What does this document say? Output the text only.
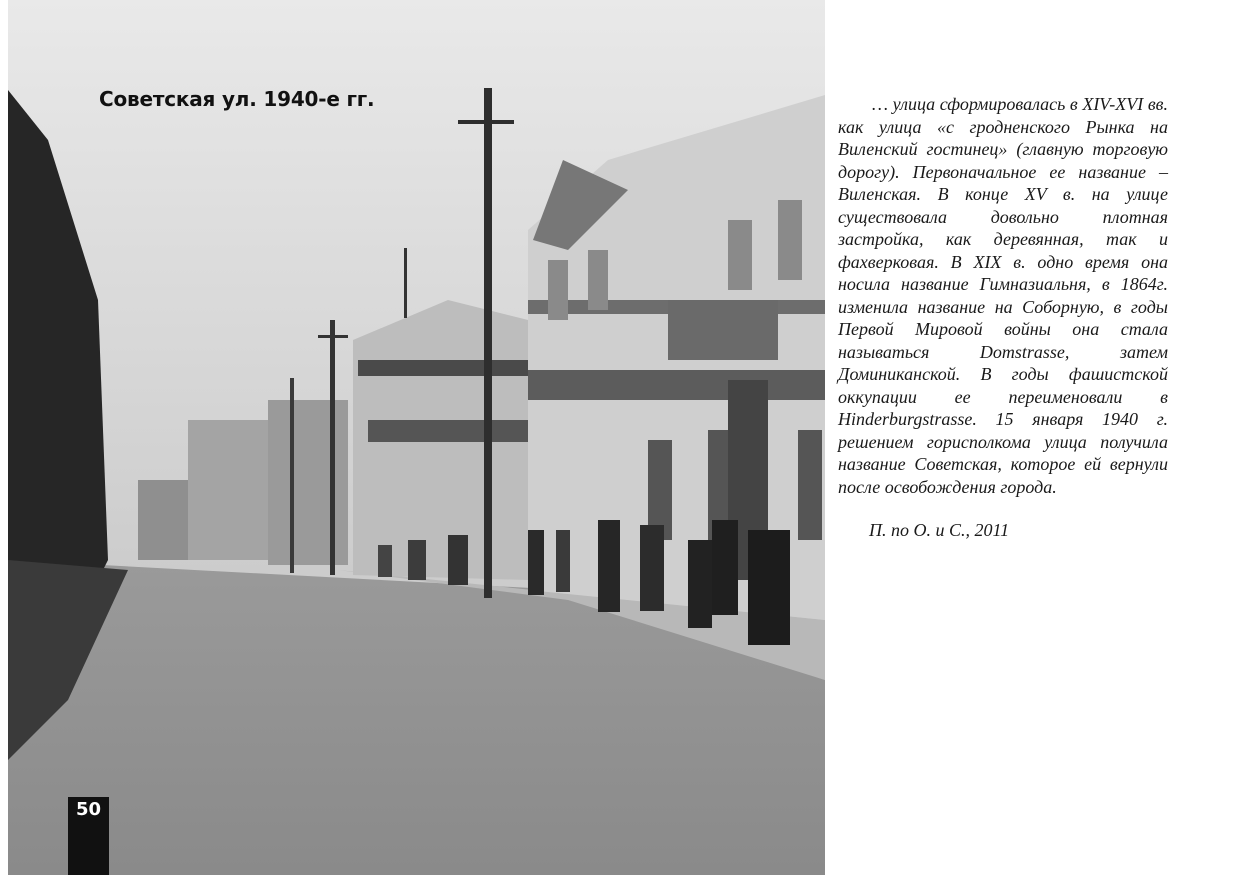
Советская ул. 1940-е гг.
50

… улица сформировалась в XIV-XVI вв. как улица «с гродненского Рынка на Виленский гостинец» (главную торговую дорогу). Первоначальное ее название – Виленская. В конце XV в. на улице существовала довольно плотная застройка, как деревянная, так и фахверковая. В XIX в. одно время она носила название Гимназиальня, в 1864г. изменила название на Соборную, в годы Первой Мировой войны она стала называться Domstrasse, затем Доминиканской. В годы фашистской оккупации ее переименовали в Hinderburgstrasse. 15 января 1940 г. решением горисполкома улица получила название Советская, которое ей вернули после освобождения города.

П. по О. и С., 2011
